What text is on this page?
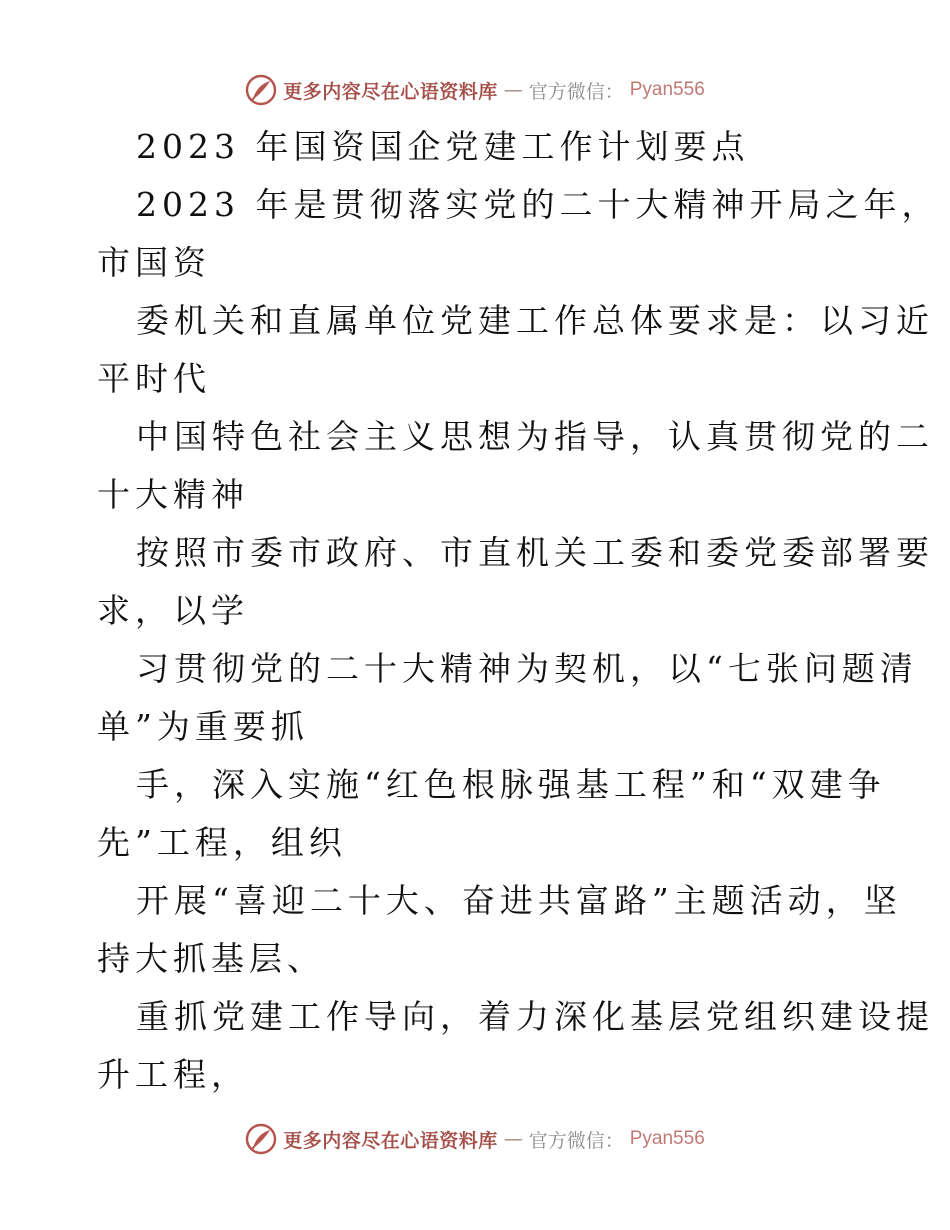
更多内容尽在心语资料库 — 官方微信： Pyan556
2023 年国资国企党建工作计划要点
2023 年是贯彻落实党的二十大精神开局之年，
市国资
委机关和直属单位党建工作总体要求是：以习近
平时代
中国特色社会主义思想为指导，认真贯彻党的二
十大精神
按照市委市政府、市直机关工委和委党委部署要
求，以学
习贯彻党的二十大精神为契机，以“七张问题清
单”为重要抓
手，深入实施“红色根脉强基工程”和“双建争
先”工程，组织
开展“喜迎二十大、奋进共富路”主题活动，坚
持大抓基层、
重抓党建工作导向，着力深化基层党组织建设提
升工程，
更多内容尽在心语资料库 — 官方微信： Pyan556
